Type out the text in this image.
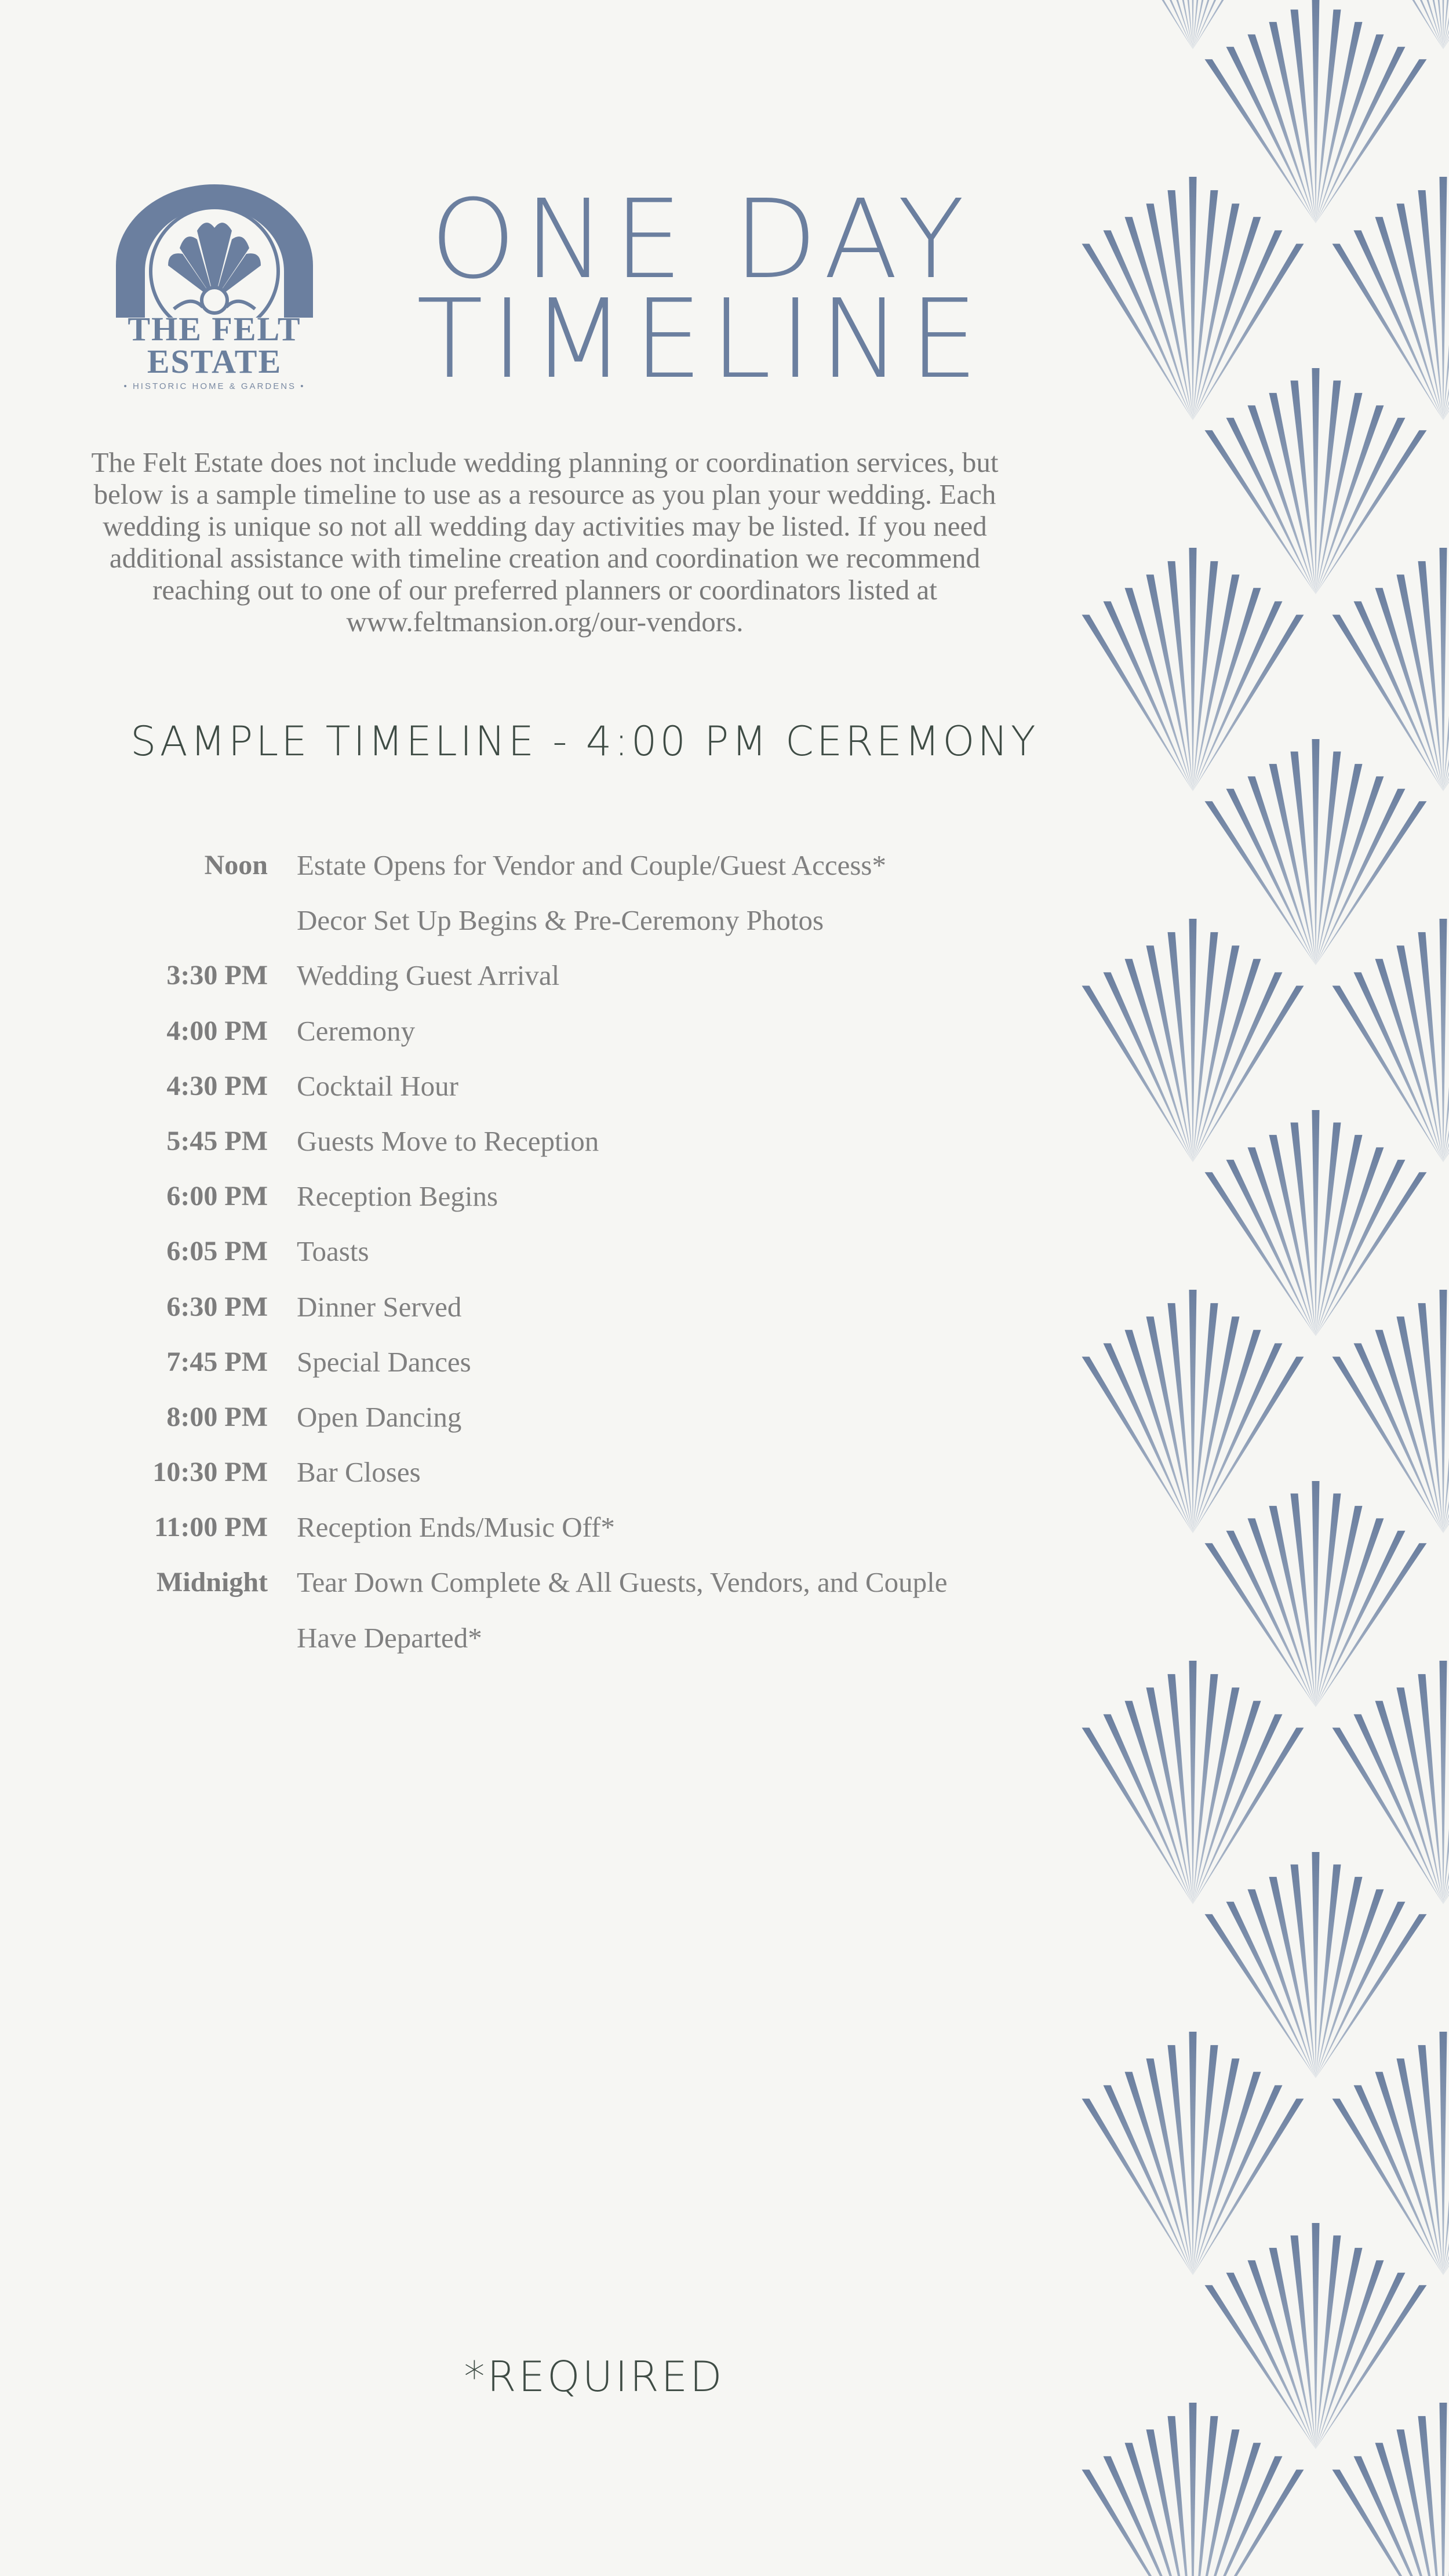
THE FELT
ESTATE
• HISTORIC HOME & GARDENS •
ONE DAY
TIMELINE
The Felt Estate does not include wedding planning or coordination services, but below is a sample timeline to use as a resource as you plan your wedding. Each wedding is unique so not all wedding day activities may be listed. If you need additional assistance with timeline creation and coordination we recommend reaching out to one of our preferred planners or coordinators listed at www.feltmansion.org/our-vendors.
SAMPLE TIMELINE - 4:00 PM CEREMONY
Noon Estate Opens for Vendor and Couple/Guest Access*
Decor Set Up Begins & Pre-Ceremony Photos
3:30 PM Wedding Guest Arrival
4:00 PM Ceremony
4:30 PM Cocktail Hour
5:45 PM Guests Move to Reception
6:00 PM Reception Begins
6:05 PM Toasts
6:30 PM Dinner Served
7:45 PM Special Dances
8:00 PM Open Dancing
10:30 PM Bar Closes
11:00 PM Reception Ends/Music Off*
Midnight Tear Down Complete & All Guests, Vendors, and Couple
Have Departed*
*REQUIRED
